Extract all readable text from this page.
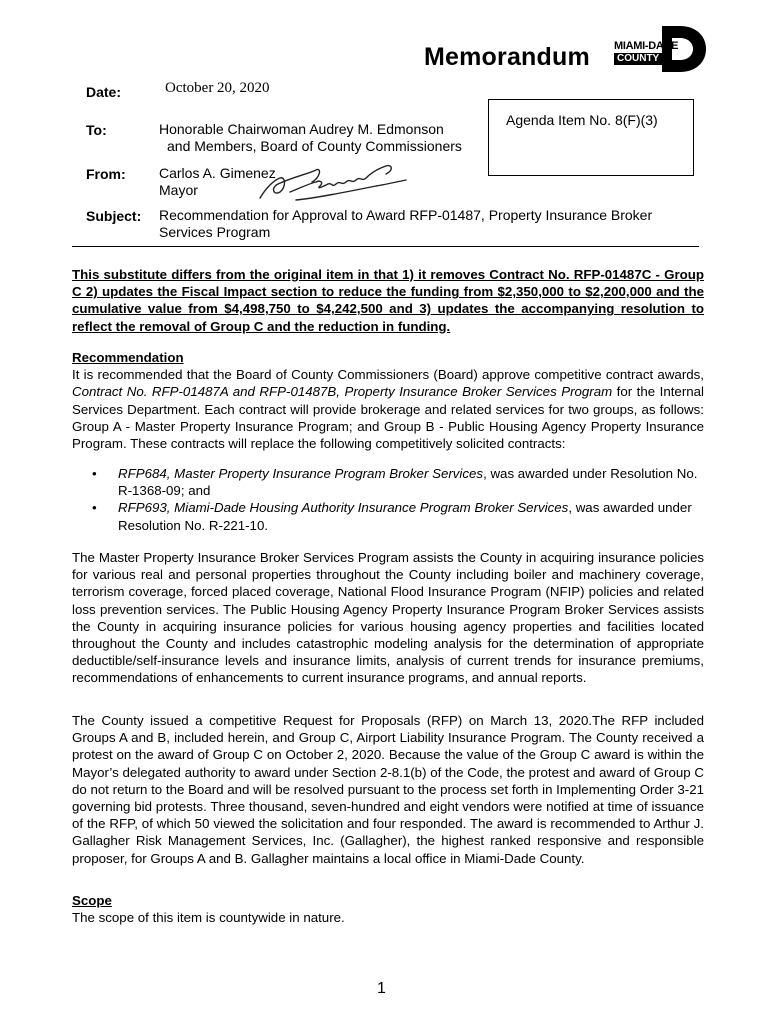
Memorandum MIAMI-DADE
COUNTY
Date:	October 20, 2020
Agenda Item No. 8(F)(3)
To:	Honorable Chairwoman Audrey M. Edmonson
and Members, Board of County Commissioners
From: Carlos A. Gimenez
Mayor
Subject: Recommendation for Approval to Award RFP-01487, Property Insurance Broker
Services Program
This substitute differs from the original item in that 1) it removes Contract No. RFP-01487C - Group C 2) updates the Fiscal Impact section to reduce the funding from $2,350,000 to $2,200,000 and the cumulative value from $4,498,750 to $4,242,500 and 3) updates the accompanying resolution to reflect the removal of Group C and the reduction in funding.
Recommendation
It is recommended that the Board of County Commissioners (Board) approve competitive contract awards, Contract No. RFP-01487A and RFP-01487B, Property Insurance Broker Services Program for the Internal Services Department. Each contract will provide brokerage and related services for two groups, as follows: Group A - Master Property Insurance Program; and Group B - Public Housing Agency Property Insurance Program. These contracts will replace the following competitively solicited contracts:
• RFP684, Master Property Insurance Program Broker Services, was awarded under Resolution No. R-1368-09; and
• RFP693, Miami-Dade Housing Authority Insurance Program Broker Services, was awarded under Resolution No. R-221-10.
The Master Property Insurance Broker Services Program assists the County in acquiring insurance policies for various real and personal properties throughout the County including boiler and machinery coverage, terrorism coverage, forced placed coverage, National Flood Insurance Program (NFIP) policies and related loss prevention services. The Public Housing Agency Property Insurance Program Broker Services assists the County in acquiring insurance policies for various housing agency properties and facilities located throughout the County and includes catastrophic modeling analysis for the determination of appropriate deductible/self-insurance levels and insurance limits, analysis of current trends for insurance premiums, recommendations of enhancements to current insurance programs, and annual reports.
The County issued a competitive Request for Proposals (RFP) on March 13, 2020.The RFP included Groups A and B, included herein, and Group C, Airport Liability Insurance Program. The County received a protest on the award of Group C on October 2, 2020. Because the value of the Group C award is within the Mayor’s delegated authority to award under Section 2-8.1(b) of the Code, the protest and award of Group C do not return to the Board and will be resolved pursuant to the process set forth in Implementing Order 3-21 governing bid protests. Three thousand, seven-hundred and eight vendors were notified at time of issuance of the RFP, of which 50 viewed the solicitation and four responded. The award is recommended to Arthur J. Gallagher Risk Management Services, Inc. (Gallagher), the highest ranked responsive and responsible proposer, for Groups A and B. Gallagher maintains a local office in Miami-Dade County.
Scope
The scope of this item is countywide in nature.
1
